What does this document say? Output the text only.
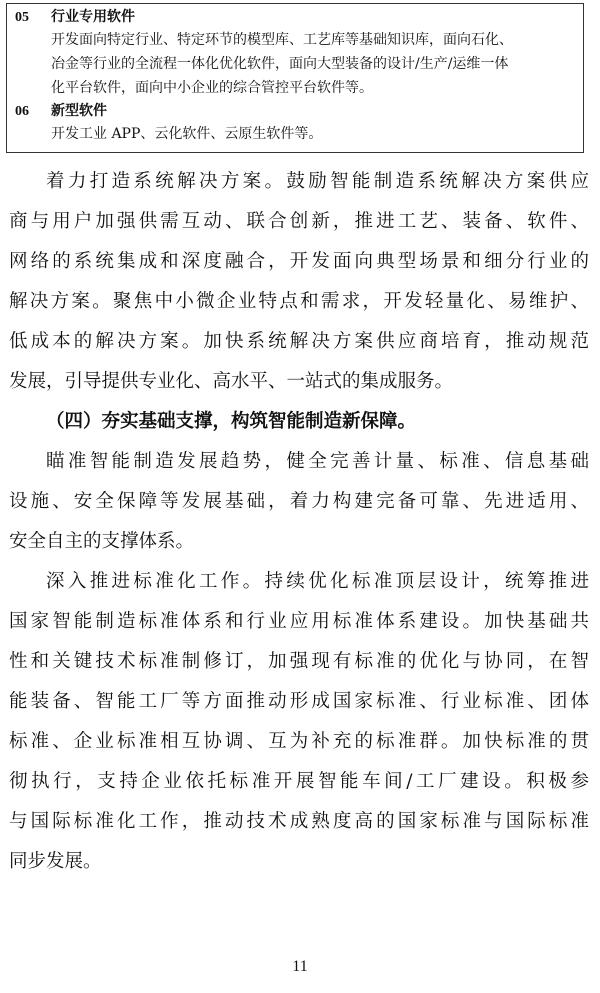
05 行业专用软件
开发面向特定行业、特定环节的模型库、工艺库等基础知识库，面向石化、
冶金等行业的全流程一体化优化软件，面向大型装备的设计/生产/运维一体
化平台软件，面向中小企业的综合管控平台软件等。
06 新型软件
开发工业 APP、云化软件、云原生软件等。
着力打造系统解决方案。鼓励智能制造系统解决方案供应
商与用户加强供需互动、联合创新，推进工艺、装备、软件、
网络的系统集成和深度融合，开发面向典型场景和细分行业的
解决方案。聚焦中小微企业特点和需求，开发轻量化、易维护、
低成本的解决方案。加快系统解决方案供应商培育，推动规范
发展，引导提供专业化、高水平、一站式的集成服务。
（四）夯实基础支撑，构筑智能制造新保障。
瞄准智能制造发展趋势，健全完善计量、标准、信息基础
设施、安全保障等发展基础，着力构建完备可靠、先进适用、
安全自主的支撑体系。
深入推进标准化工作。持续优化标准顶层设计，统筹推进
国家智能制造标准体系和行业应用标准体系建设。加快基础共
性和关键技术标准制修订，加强现有标准的优化与协同，在智
能装备、智能工厂等方面推动形成国家标准、行业标准、团体
标准、企业标准相互协调、互为补充的标准群。加快标准的贯
彻执行，支持企业依托标准开展智能车间/工厂建设。积极参
与国际标准化工作，推动技术成熟度高的国家标准与国际标准
同步发展。
11
